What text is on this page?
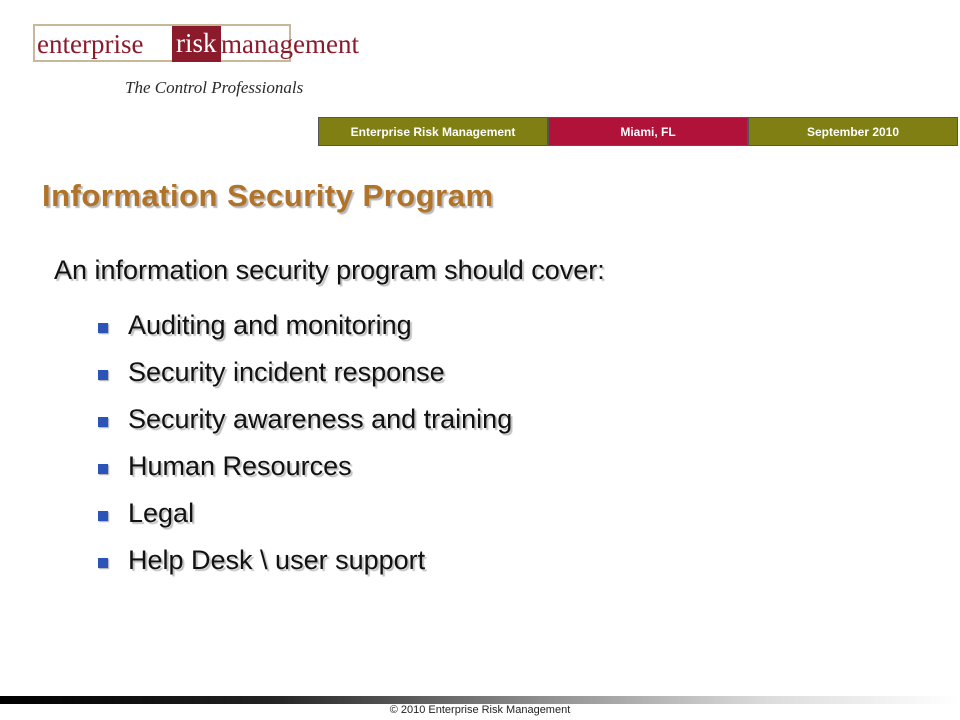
enterprise risk management
The Control Professionals
Enterprise Risk Management	Miami, FL	September 2010
Information Security Program
An information security program should cover:
Auditing and monitoring
Security incident response
Security awareness and training
Human Resources
Legal
Help Desk \ user support
© 2010 Enterprise Risk Management
